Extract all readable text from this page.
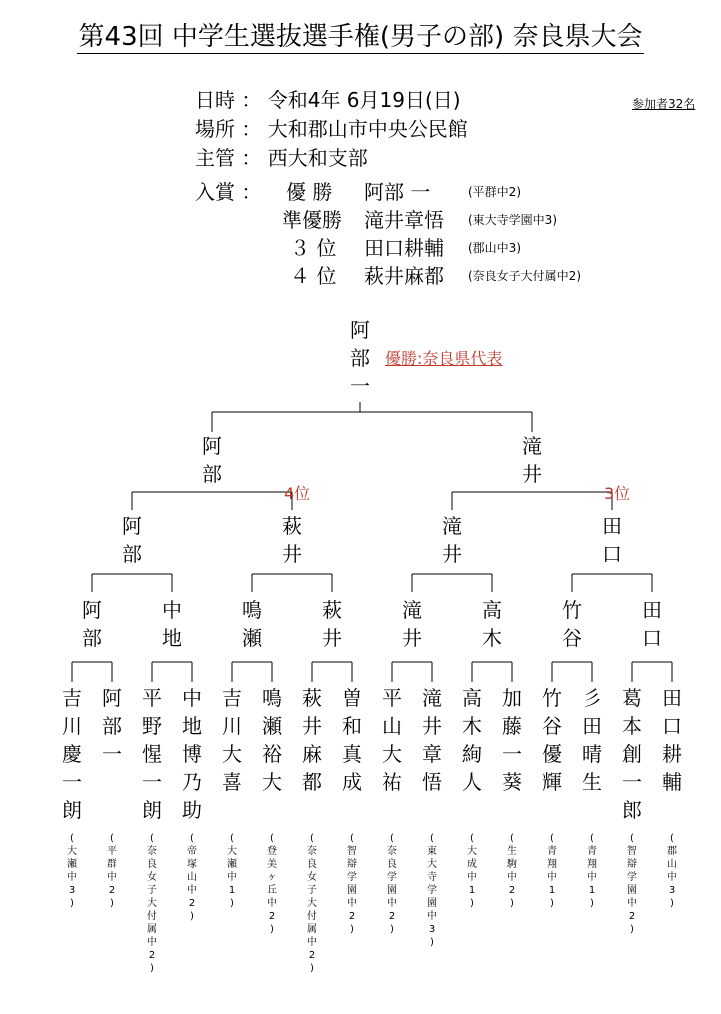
第43回 中学生選抜選手権(男子の部) 奈良県大会
参加者32名
日時 ： 令和4年 6月19日(日)
場所 ： 大和郡山市中央公民館
主管 ： 西大和支部
入賞 ： 優 勝 阿部 一	(平群中2)
準優勝 滝井章悟 (東大寺学園中3)
３ 位 田口耕輔 (郡山中3)
４ 位 萩井麻都 (奈良女子大付属中2)
阿
部
一
阿
部
滝
井
阿
部
萩
井
滝
井
田
口
阿
部
中
地
鳴
瀬
萩
井
滝
井
高
木
竹
谷
田
口
吉
川
慶
一
朗
(
大
瀬
中
3
)
阿
部
一
(
平
群
中
2
)
平
野
惺
一
朗
(
奈
良
女
子
大
付
属
中
2
)
中
地
博
乃
助
(
帝
塚
山
中
2
)
吉
川
大
喜
(
大
瀬
中
1
)
鳴
瀬
裕
大
(
登
美
ヶ
丘
中
2
)
萩
井
麻
都
(
奈
良
女
子
大
付
属
中
2
)
曽
和
真
成
(
智
辯
学
園
中
2
)
平
山
大
祐
(
奈
良
学
園
中
2
)
滝
井
章
悟
(
東
大
寺
学
園
中
3
)
高
木
絢
人
(
大
成
中
1
)
加
藤
一
葵
(
生
駒
中
2
)
竹
谷
優
輝
(
青
翔
中
1
)
彡
田
晴
生
(
青
翔
中
1
)
葛
本
創
一
郎
(
智
辯
学
園
中
2
)
田
口
耕
輔
(
郡
山
中
3
)
優勝:奈良県代表
4位	3位
